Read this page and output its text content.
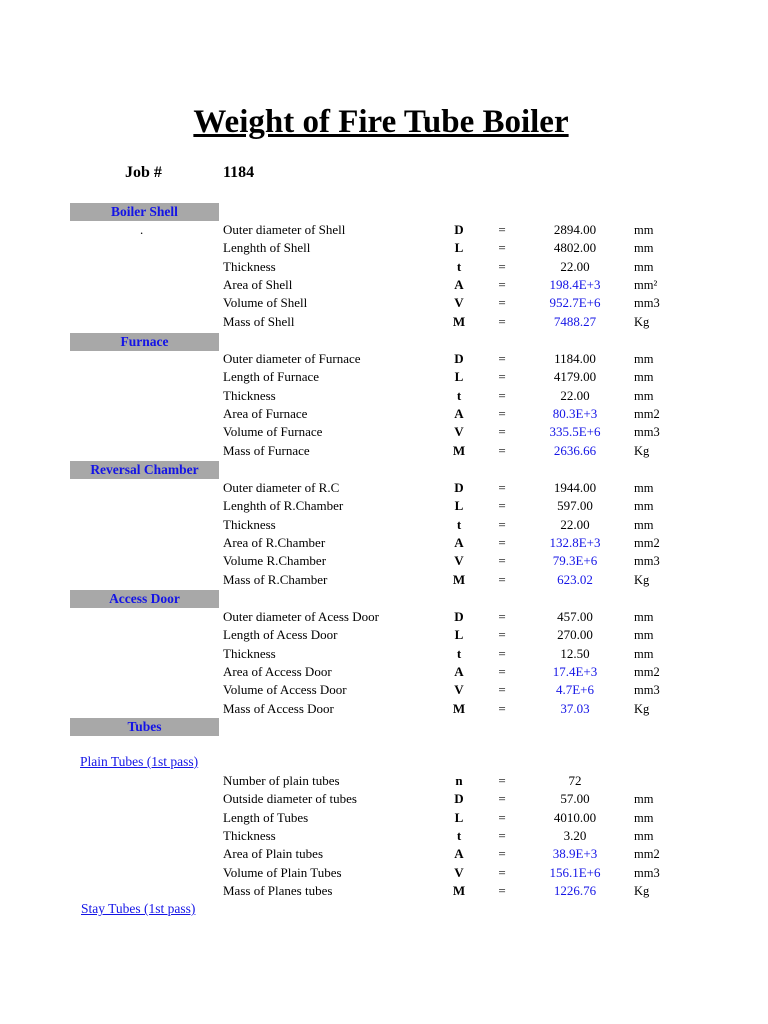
Weight of Fire Tube Boiler
Job #	1184
Boiler Shell
.	Outer diameter of Shell	D	=	2894.00	mm
Lenghth of Shell	L	=	4802.00	mm
Thickness	t	=	22.00	mm
Area of Shell	A	=	198.4E+3	mm²
Volume of Shell	V	=	952.7E+6	mm3
Mass of Shell	M	=	7488.27	Kg
Furnace
Outer diameter of Furnace	D	=	1184.00	mm
Length of Furnace	L	=	4179.00	mm
Thickness	t	=	22.00	mm
Area of Furnace	A	=	80.3E+3	mm2
Volume of Furnace	V	=	335.5E+6	mm3
Mass of Furnace	M	=	2636.66	Kg
Reversal Chamber
Outer diameter of R.C	D	=	1944.00	mm
Lenghth of R.Chamber	L	=	597.00	mm
Thickness	t	=	22.00	mm
Area of R.Chamber	A	=	132.8E+3	mm2
Volume R.Chamber	V	=	79.3E+6	mm3
Mass of R.Chamber	M	=	623.02	Kg
Access Door
Outer diameter of Acess Door	D	=	457.00	mm
Length of Acess Door	L	=	270.00	mm
Thickness	t	=	12.50	mm
Area of Access Door	A	=	17.4E+3	mm2
Volume of Access Door	V	=	4.7E+6	mm3
Mass of Access Door	M	=	37.03	Kg
Tubes
Plain Tubes (1st pass)
Number of plain tubes	n	=	72
Outside diameter of tubes	D	=	57.00	mm
Length of Tubes	L	=	4010.00	mm
Thickness	t	=	3.20	mm
Area of Plain tubes	A	=	38.9E+3	mm2
Volume of Plain Tubes	V	=	156.1E+6	mm3
Mass of Planes tubes	M	=	1226.76	Kg
Stay Tubes (1st pass)
